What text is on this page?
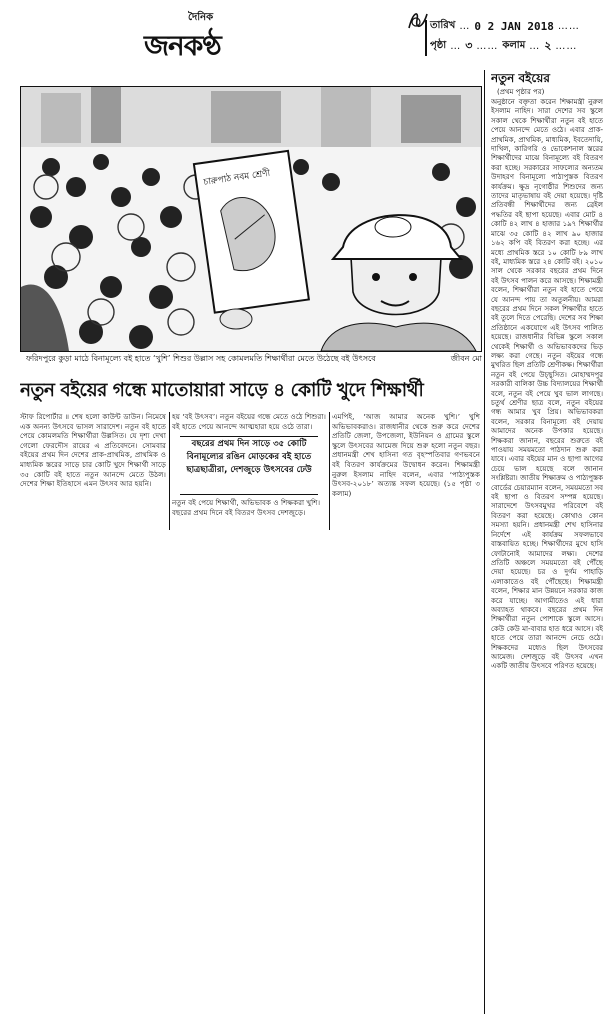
দৈনিক
জনকণ্ঠ
তারিখ … 0 2 JAN 2018 ……
পৃষ্ঠা … ৩ …… কলাম … ২ ……
চারুপাঠ নবম শ্রেণী
ফরিদপুরে কুড়া মাঠে বিনামূল্যে বই হাতে ‘খুশি’ শিশুর উল্লাস সহ কোমলমতি শিক্ষার্থীরা মেতে উঠেছে বই উৎসবে	জীবন মো
নতুন বইয়ের গন্ধে মাতোয়ারা সাড়ে ৪ কোটি খুদে শিক্ষার্থী
স্টাফ রিপোর্টার ॥ শেষ হলো কাউন্ট ডাউন। নিমেষে এক অনন্য উৎসবে ভাসল সারাদেশ। নতুন বই হাতে পেয়ে কোমলমতি শিক্ষার্থীরা উল্লসিত। যে দৃশ্য দেখা গেলো ফেরদৌস রায়ের এ প্রতিবেদনে। সোমবার বইয়ের প্রথম দিন দেশের প্রাক-প্রাথমিক, প্রাথমিক ও মাধ্যমিক স্তরের সাড়ে চার কোটি খুদে শিক্ষার্থী সাড়ে ৩৫ কোটি বই হাতে নতুন আনন্দে মেতে উঠল। দেশের শিক্ষা ইতিহাসে এমন উৎসব আর হয়নি।
হয় ‘বই উৎসব’। নতুন বইয়ের গন্ধে মেতে ওঠে শিশুরা। বই হাতে পেয়ে আনন্দে আত্মহারা হয়ে ওঠে তারা।
বছরের প্রথম দিন সাড়ে ৩৫ কোটি বিনামূল্যের রঙিন মোড়কের বই হাতে ছাত্রছাত্রীরা, দেশজুড়ে উৎসবের ঢেউ
নতুন বই পেয়ে শিক্ষার্থী, অভিভাবক ও শিক্ষকরা খুশি। বছরের প্রথম দিনে বই বিতরণ উৎসব দেশজুড়ে।
এমপিই, ‘আজ আমার অনেক খুশি।’ খুশি অভিভাবকরাও। রাজধানীর থেকে শুরু করে দেশের প্রতিটি জেলা, উপজেলা, ইউনিয়ন ও গ্রামের স্কুলে স্কুলে উৎসবের আমেজ দিয়ে শুরু হলো নতুন বছর। প্রধানমন্ত্রী শেখ হাসিনা গত বৃহস্পতিবার গণভবনে বই বিতরণ কার্যক্রমের উদ্বোধন করেন। শিক্ষামন্ত্রী নুরুল ইসলাম নাহিদ বলেন, এবার ‘পাঠ্যপুস্তক উৎসব-২০১৮’ অত্যন্ত সফল হয়েছে। (১৫ পৃষ্ঠা ৩ কলাম)
নতুন বইয়ের
(প্রথম পৃষ্ঠার পর)
অনুষ্ঠানে বক্তৃতা করেন শিক্ষামন্ত্রী নুরুল ইসলাম নাহিদ। সারা দেশের সব স্কুলে সকাল থেকে শিক্ষার্থীরা নতুন বই হাতে পেয়ে আনন্দে মেতে ওঠে। এবার প্রাক-প্রাথমিক, প্রাথমিক, মাধ্যমিক, ইবতেদায়ি, দাখিল, কারিগরি ও ভোকেশনাল স্তরের শিক্ষার্থীদের মাঝে বিনামূল্যে বই বিতরণ করা হচ্ছে। সরকারের সাফল্যের অন্যতম উদাহরণ বিনামূল্যে পাঠ্যপুস্তক বিতরণ কার্যক্রম। ক্ষুদ্র নৃগোষ্ঠীর শিশুদের জন্য তাদের মাতৃভাষায় বই দেয়া হয়েছে। দৃষ্টি প্রতিবন্ধী শিক্ষার্থীদের জন্য ব্রেইল পদ্ধতির বই ছাপা হয়েছে। এবার মোট ৪ কোটি ৪২ লাখ ৪ হাজার ১৯৭ শিক্ষার্থীর মাঝে ৩৫ কোটি ৪২ লাখ ৯০ হাজার ১৬২ কপি বই বিতরণ করা হচ্ছে। এর মধ্যে প্রাথমিক স্তরে ১০ কোটি ৮৯ লাখ বই, মাধ্যমিক স্তরে ২৪ কোটি বই। ২০১০ সাল থেকে সরকার বছরের প্রথম দিনে বই উৎসব পালন করে আসছে। শিক্ষামন্ত্রী বলেন, শিক্ষার্থীরা নতুন বই হাতে পেয়ে যে আনন্দ পায় তা অতুলনীয়। আমরা বছরের প্রথম দিনে সকল শিক্ষার্থীর হাতে বই তুলে দিতে পেরেছি। দেশের সব শিক্ষা প্রতিষ্ঠানে একযোগে এই উৎসব পালিত হয়েছে। রাজধানীর বিভিন্ন স্কুলে সকাল থেকেই শিক্ষার্থী ও অভিভাবকদের ভিড় লক্ষ্য করা গেছে। নতুন বইয়ের গন্ধে মুখরিত ছিল প্রতিটি শ্রেণীকক্ষ। শিক্ষার্থীরা নতুন বই পেয়ে উচ্ছ্বসিত। মোহাম্মদপুর সরকারী বালিকা উচ্চ বিদ্যালয়ের শিক্ষার্থী বলে, নতুন বই পেয়ে খুব ভাল লাগছে। চতুর্থ শ্রেণীর ছাত্র বলে, নতুন বইয়ের গন্ধ আমার খুব প্রিয়। অভিভাবকরা বলেন, সরকার বিনামূল্যে বই দেয়ায় আমাদের অনেক উপকার হয়েছে। শিক্ষকরা জানান, বছরের শুরুতে বই পাওয়ায় সময়মতো পাঠদান শুরু করা যাবে। এবার বইয়ের মান ও ছাপা আগের চেয়ে ভাল হয়েছে বলে জানান সংশ্লিষ্টরা। জাতীয় শিক্ষাক্রম ও পাঠ্যপুস্তক বোর্ডের চেয়ারম্যান বলেন, সময়মতো সব বই ছাপা ও বিতরণ সম্পন্ন হয়েছে। সারাদেশে উৎসবমুখর পরিবেশে বই বিতরণ করা হয়েছে। কোথাও কোন সমস্যা হয়নি। প্রধানমন্ত্রী শেখ হাসিনার নির্দেশে এই কার্যক্রম সফলভাবে বাস্তবায়িত হচ্ছে। শিক্ষার্থীদের মুখে হাসি ফোটানোই আমাদের লক্ষ্য। দেশের প্রতিটি অঞ্চলে সময়মতো বই পৌঁছে দেয়া হয়েছে। চর ও দুর্গম পাহাড়ি এলাকাতেও বই পৌঁছেছে। শিক্ষামন্ত্রী বলেন, শিক্ষার মান উন্নয়নে সরকার কাজ করে যাচ্ছে। আগামীতেও এই ধারা অব্যাহত থাকবে। বছরের প্রথম দিন শিক্ষার্থীরা নতুন পোশাকে স্কুলে আসে। কেউ কেউ মা-বাবার হাত ধরে আসে। বই হাতে পেয়ে তারা আনন্দে নেচে ওঠে। শিক্ষকদের মধ্যেও ছিল উৎসবের আমেজ। দেশজুড়ে বই উৎসব এখন একটি জাতীয় উৎসবে পরিণত হয়েছে।
